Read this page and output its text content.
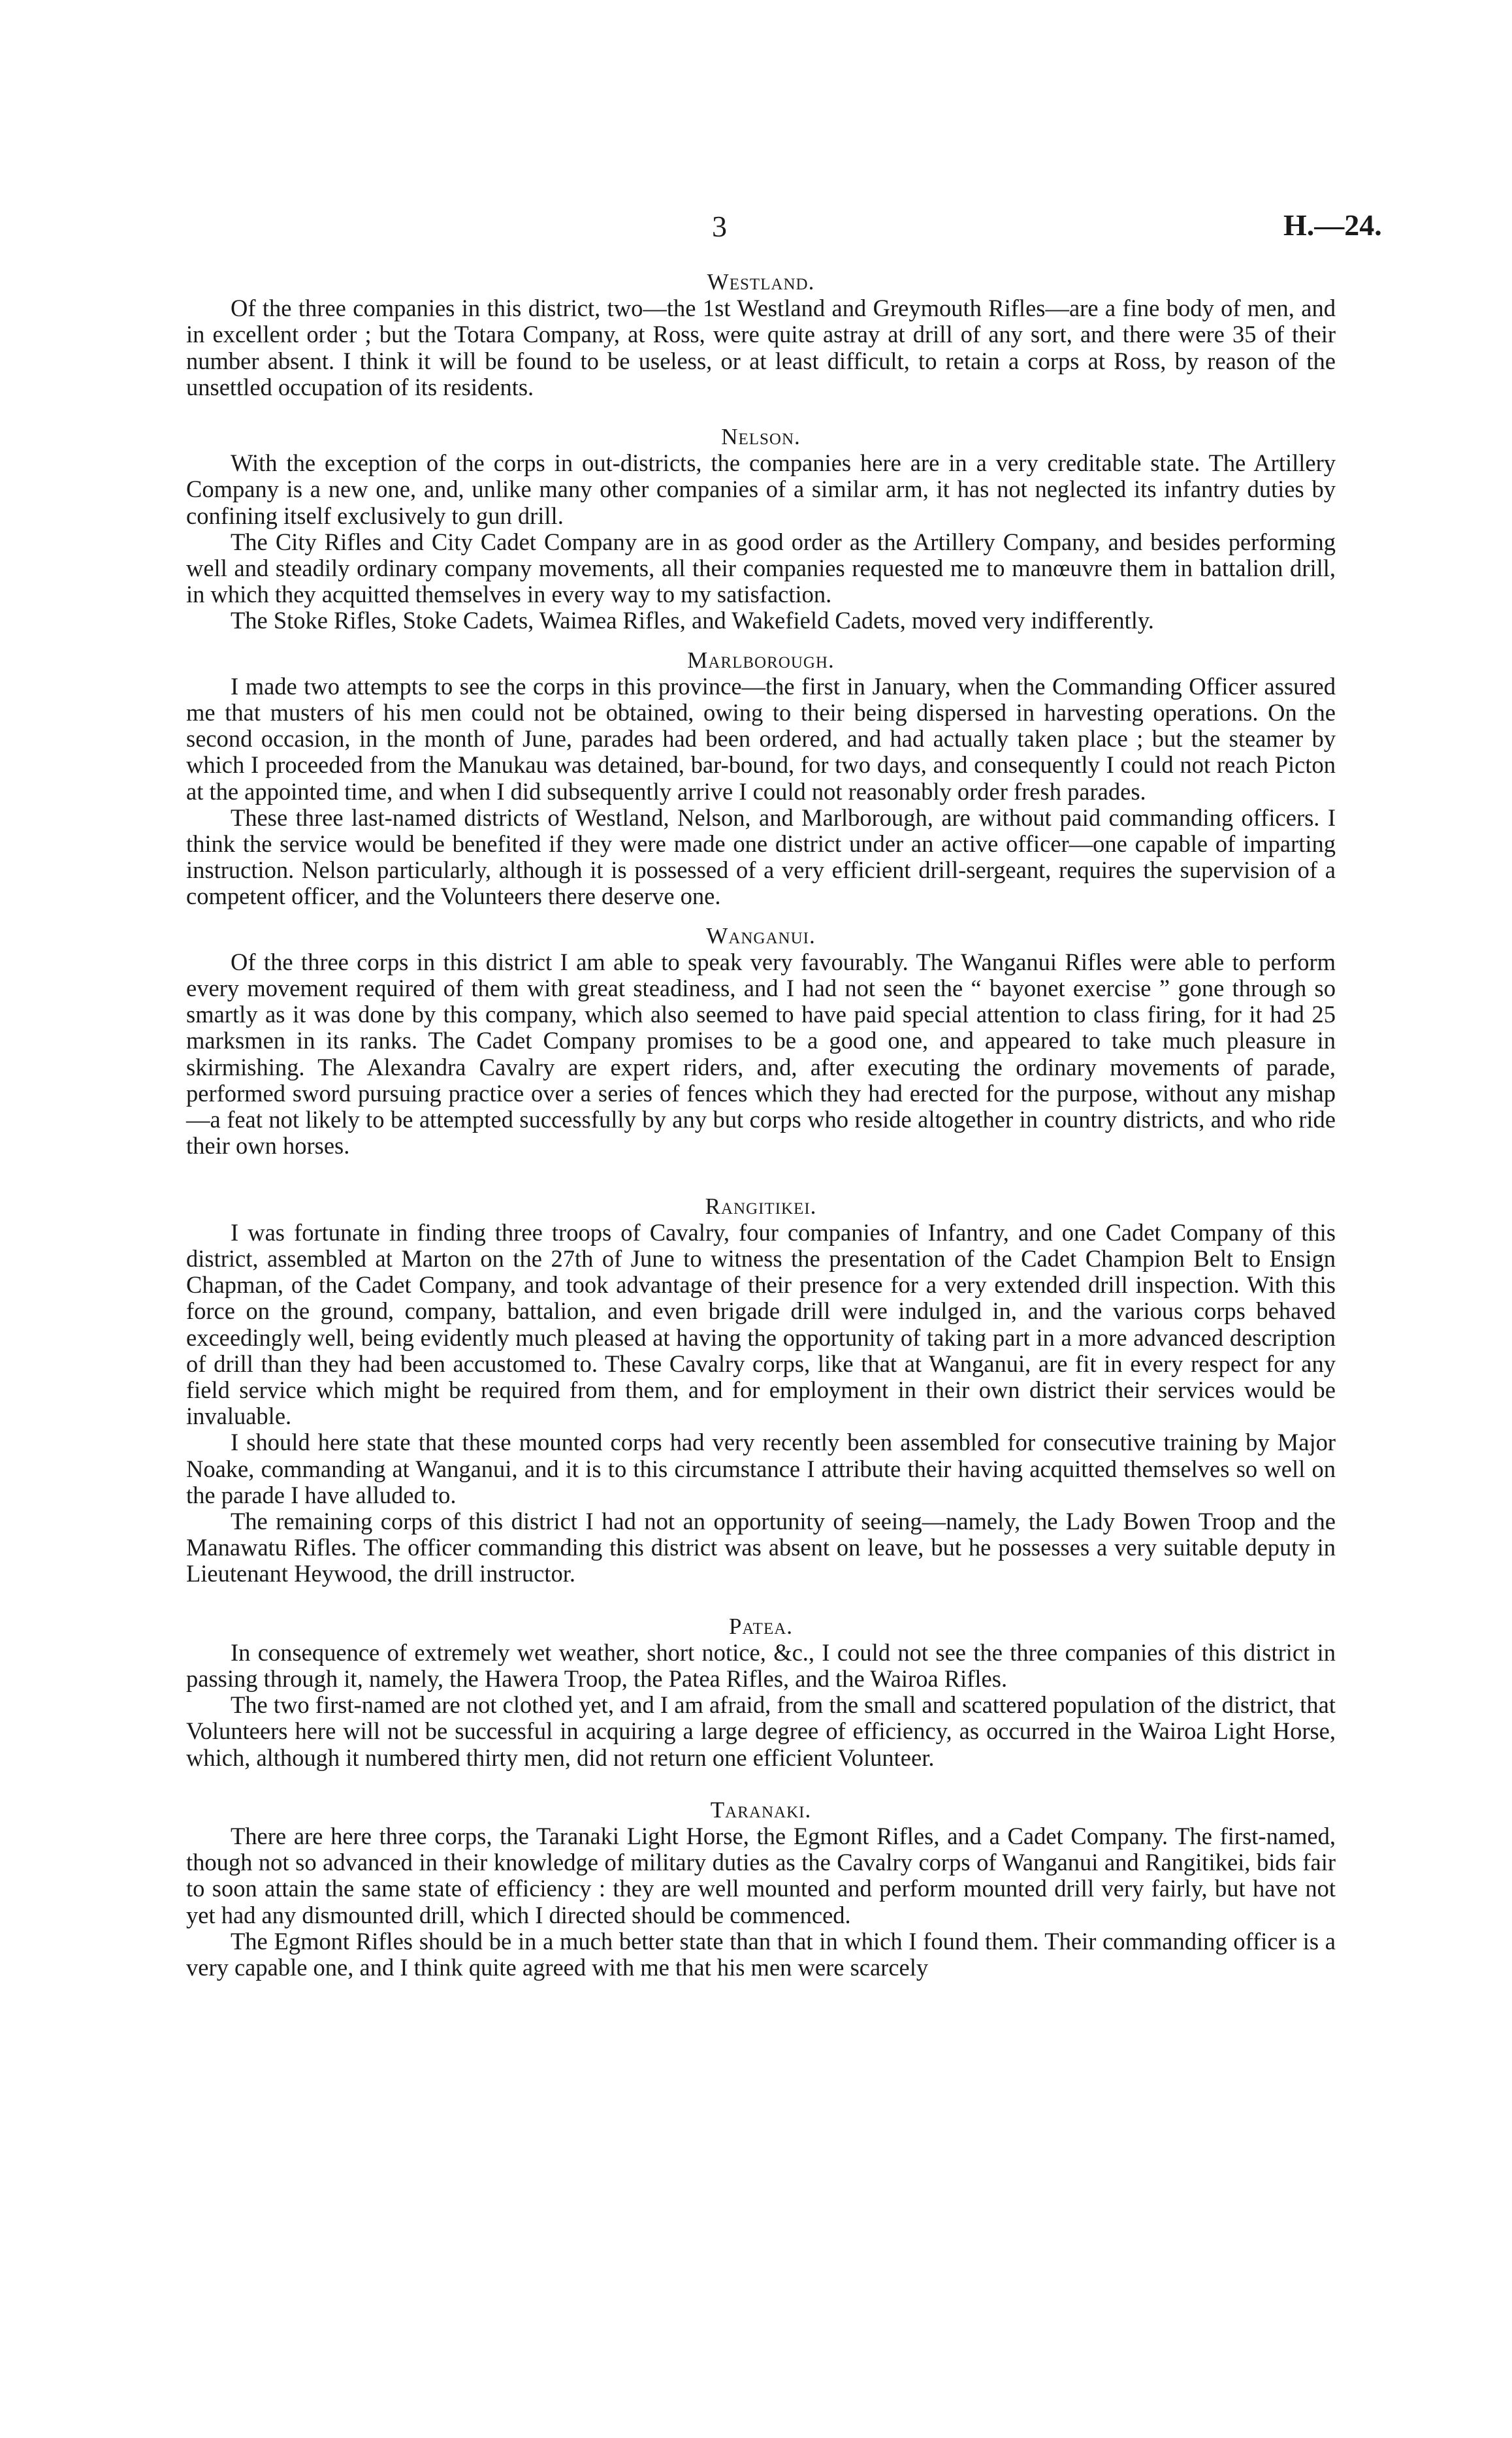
3	H.—24.

Westland.

Of the three companies in this district, two—the 1st Westland and Greymouth Rifles—are a fine body of men, and in excellent order ; but the Totara Company, at Ross, were quite astray at drill of any sort, and there were 35 of their number absent. I think it will be found to be useless, or at least difficult, to retain a corps at Ross, by reason of the unsettled occupation of its residents.

Nelson.

With the exception of the corps in out-districts, the companies here are in a very creditable state. The Artillery Company is a new one, and, unlike many other companies of a similar arm, it has not neglected its infantry duties by confining itself exclusively to gun drill.

The City Rifles and City Cadet Company are in as good order as the Artillery Company, and besides performing well and steadily ordinary company movements, all their companies requested me to manœuvre them in battalion drill, in which they acquitted themselves in every way to my satisfaction.

The Stoke Rifles, Stoke Cadets, Waimea Rifles, and Wakefield Cadets, moved very indifferently.

Marlborough.

I made two attempts to see the corps in this province—the first in January, when the Commanding Officer assured me that musters of his men could not be obtained, owing to their being dispersed in harvesting operations. On the second occasion, in the month of June, parades had been ordered, and had actually taken place ; but the steamer by which I proceeded from the Manukau was detained, bar-bound, for two days, and consequently I could not reach Picton at the appointed time, and when I did subsequently arrive I could not reasonably order fresh parades.

These three last-named districts of Westland, Nelson, and Marlborough, are without paid commanding officers. I think the service would be benefited if they were made one district under an active officer—one capable of imparting instruction. Nelson particularly, although it is possessed of a very efficient drill-sergeant, requires the supervision of a competent officer, and the Volunteers there deserve one.

Wanganui.

Of the three corps in this district I am able to speak very favourably. The Wanganui Rifles were able to perform every movement required of them with great steadiness, and I had not seen the “ bayonet exercise ” gone through so smartly as it was done by this company, which also seemed to have paid special attention to class firing, for it had 25 marksmen in its ranks. The Cadet Company promises to be a good one, and appeared to take much pleasure in skirmishing. The Alexandra Cavalry are expert riders, and, after executing the ordinary movements of parade, performed sword pursuing practice over a series of fences which they had erected for the purpose, without any mishap —a feat not likely to be attempted successfully by any but corps who reside altogether in country districts, and who ride their own horses.

Rangitikei.

I was fortunate in finding three troops of Cavalry, four companies of Infantry, and one Cadet Company of this district, assembled at Marton on the 27th of June to witness the presentation of the Cadet Champion Belt to Ensign Chapman, of the Cadet Company, and took advantage of their presence for a very extended drill inspection. With this force on the ground, company, battalion, and even brigade drill were indulged in, and the various corps behaved exceedingly well, being evidently much pleased at having the opportunity of taking part in a more advanced description of drill than they had been accustomed to. These Cavalry corps, like that at Wanganui, are fit in every respect for any field service which might be required from them, and for employment in their own district their services would be invaluable.

I should here state that these mounted corps had very recently been assembled for consecutive training by Major Noake, commanding at Wanganui, and it is to this circumstance I attribute their having acquitted themselves so well on the parade I have alluded to.

The remaining corps of this district I had not an opportunity of seeing—namely, the Lady Bowen Troop and the Manawatu Rifles. The officer commanding this district was absent on leave, but he possesses a very suitable deputy in Lieutenant Heywood, the drill instructor.

Patea.

In consequence of extremely wet weather, short notice, &c., I could not see the three companies of this district in passing through it, namely, the Hawera Troop, the Patea Rifles, and the Wairoa Rifles.

The two first-named are not clothed yet, and I am afraid, from the small and scattered population of the district, that Volunteers here will not be successful in acquiring a large degree of efficiency, as occurred in the Wairoa Light Horse, which, although it numbered thirty men, did not return one efficient Volunteer.

Taranaki.

There are here three corps, the Taranaki Light Horse, the Egmont Rifles, and a Cadet Company. The first-named, though not so advanced in their knowledge of military duties as the Cavalry corps of Wanganui and Rangitikei, bids fair to soon attain the same state of efficiency : they are well mounted and perform mounted drill very fairly, but have not yet had any dismounted drill, which I directed should be commenced.

The Egmont Rifles should be in a much better state than that in which I found them. Their commanding officer is a very capable one, and I think quite agreed with me that his men were scarcely
